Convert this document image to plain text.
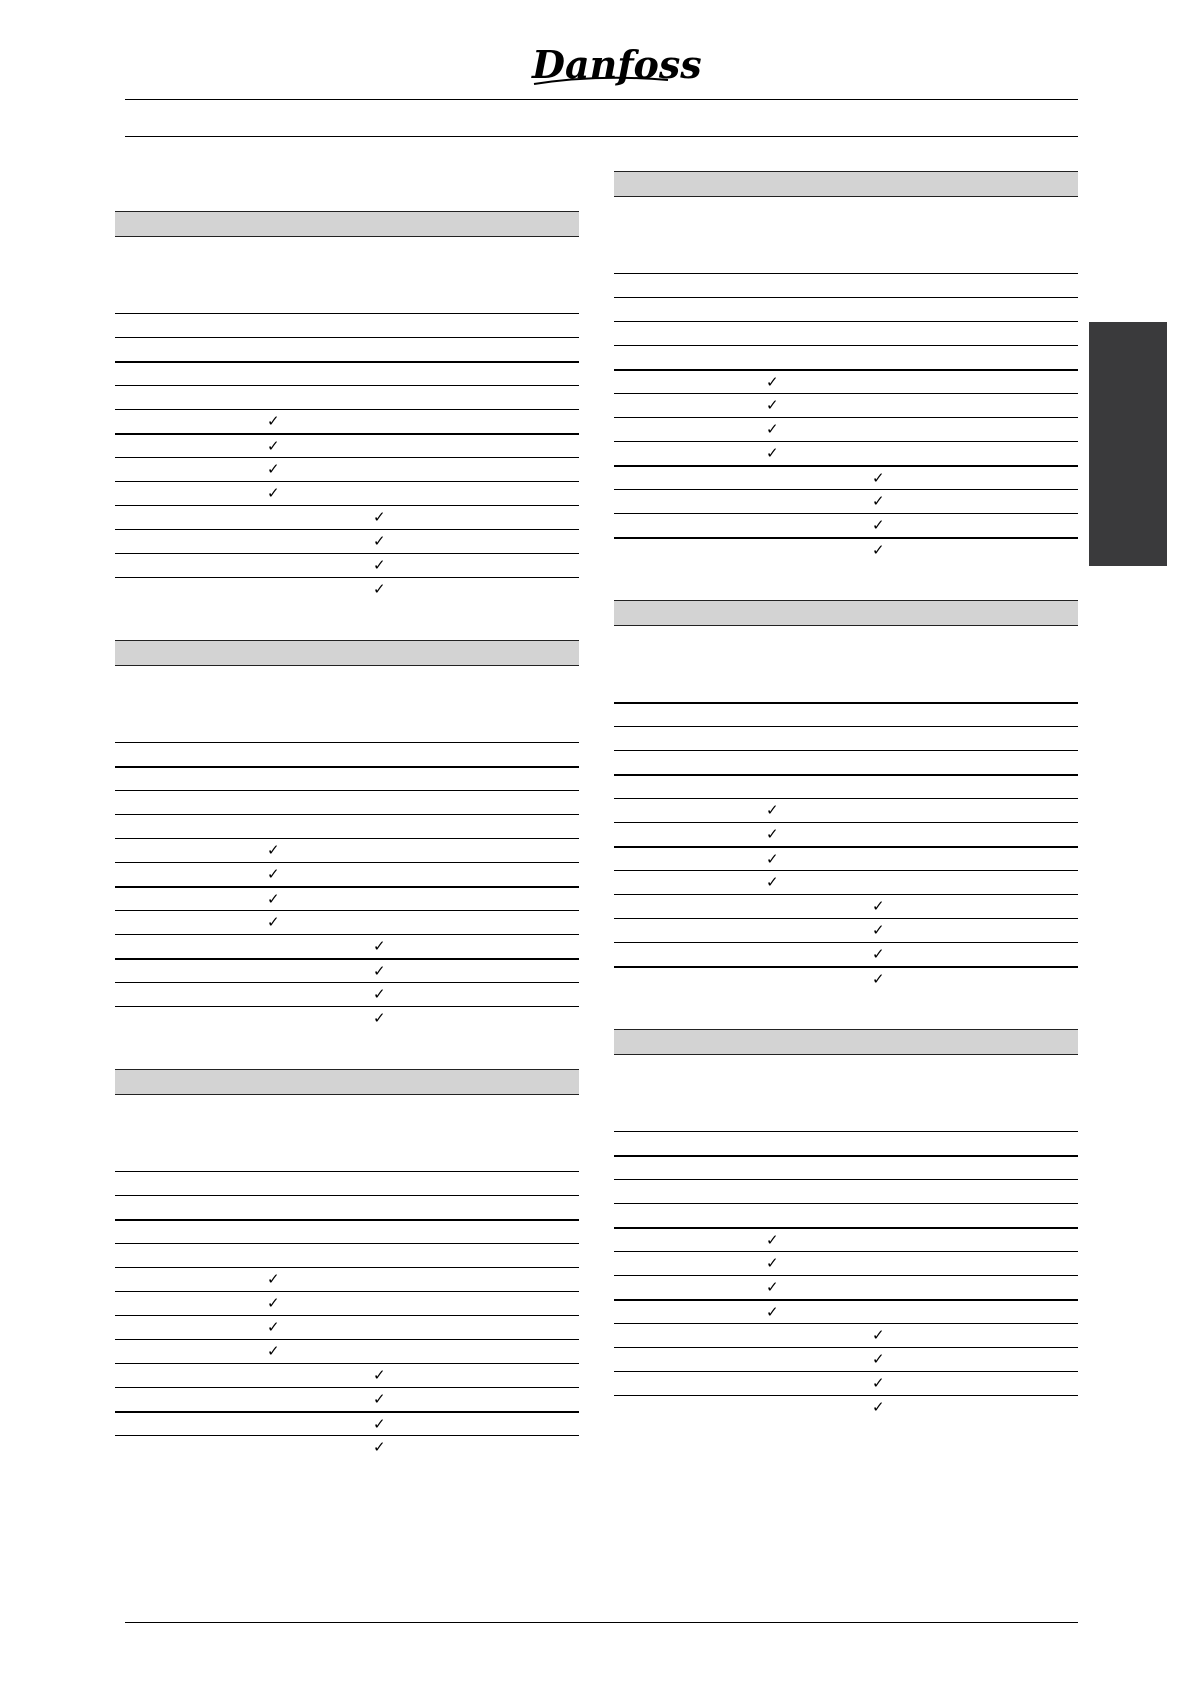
Danfoss
✓
✓
✓
✓
✓
✓
✓
✓
✓
✓
✓
✓
✓
✓
✓
✓
✓
✓
✓
✓
✓
✓
✓
✓
✓
✓
✓
✓
✓
✓
✓
✓
✓
✓
✓
✓
✓
✓
✓
✓
✓
✓
✓
✓
✓
✓
✓
✓
